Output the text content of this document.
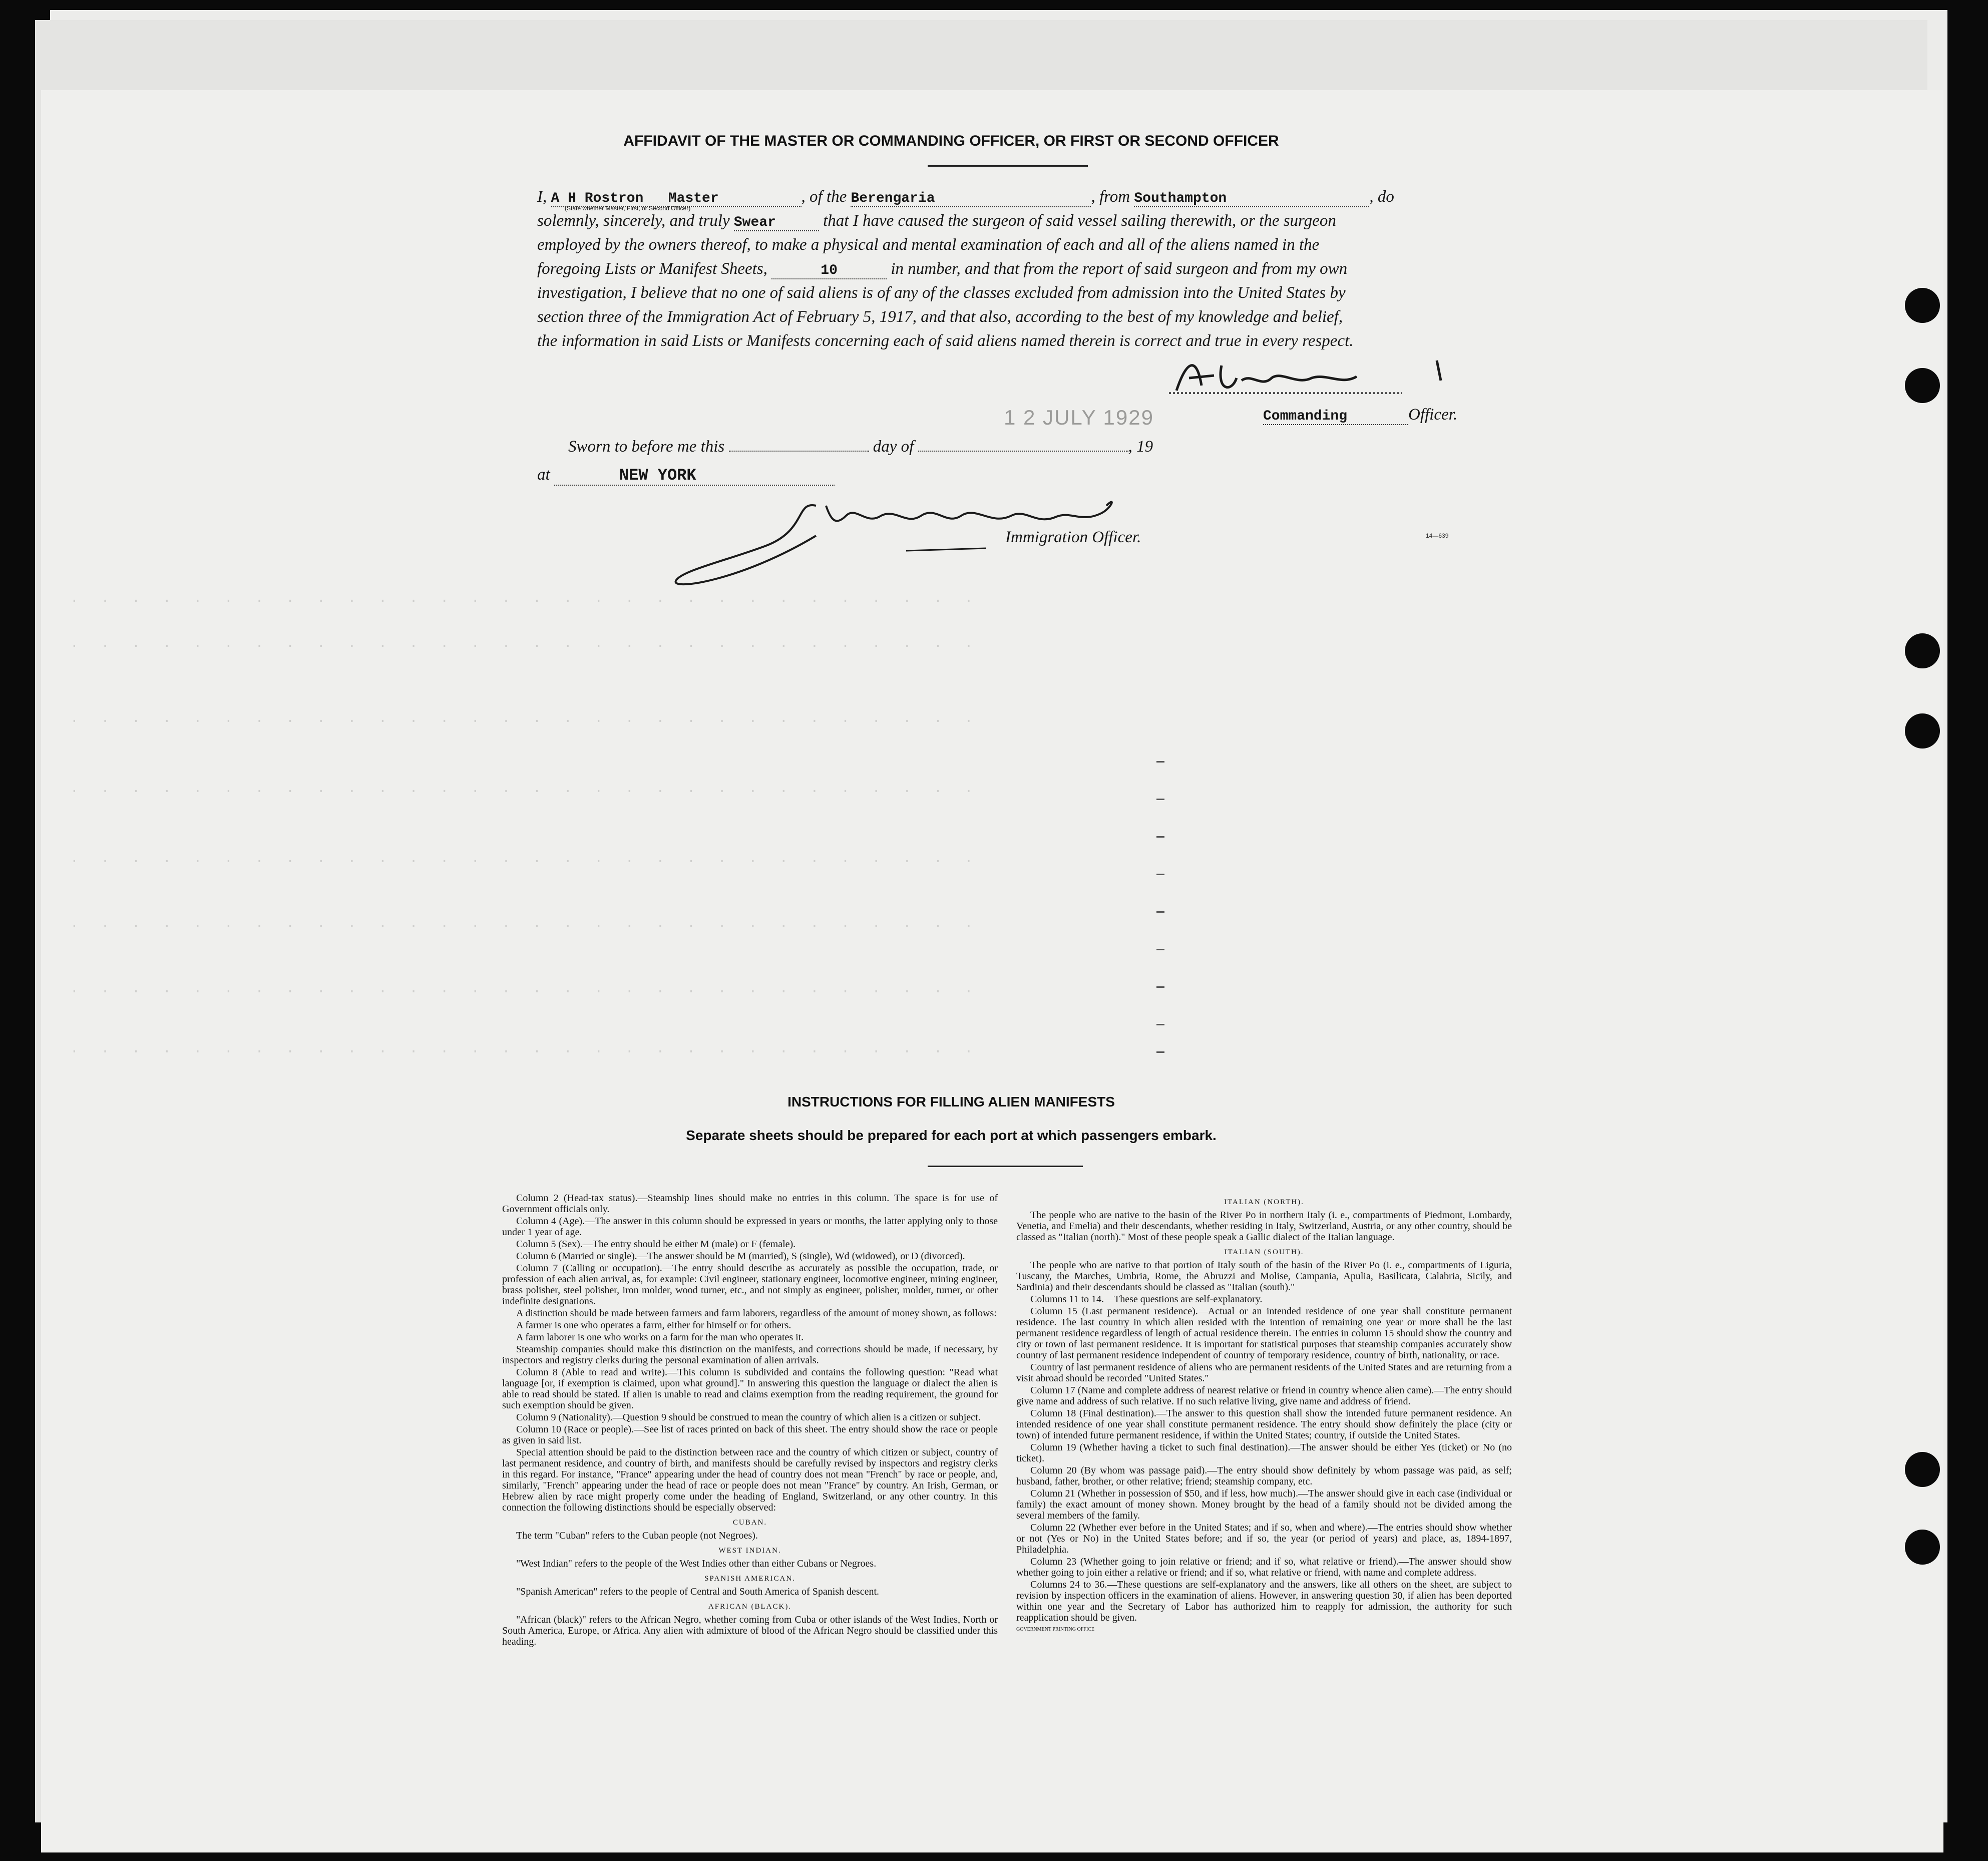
. . . . . . . . . . . . . . . . . . . . . . . . . . . . . .
. . . . . . . . . . . . . . . . . . . . . . . . . . . . . .
. . . . . . . . . . . . . . . . . . . . . . . . . . . . . .
. . . . . . . . . . . . . . . . . . . . . . . . . . . . . .
. . . . . . . . . . . . . . . . . . . . . . . . . . . . . .
. . . . . . . . . . . . . . . . . . . . . . . . . . . . . .
. . . . . . . . . . . . . . . . . . . . . . . . . . . . . .
. . . . . . . . . . . . . . . . . . . . . . . . . . . . . .
AFFIDAVIT OF THE MASTER OR COMMANDING OFFICER, OR FIRST OR SECOND OFFICER
I, A H Rostron Master	, of the Berengaria	, from Southampton	, do
(State whether Master, First, or Second Officer)
solemnly, sincerely, and truly Swear	that I have caused the surgeon of said vessel sailing therewith, or the surgeon
employed by the owners thereof, to make a physical and mental examination of each and all of the aliens named in the
foregoing Lists or Manifest Sheets,	10	in number, and that from the report of said surgeon and from my own
investigation, I believe that no one of said aliens is of any of the classes excluded from admission into the United States by
section three of the Immigration Act of February 5, 1917, and that also, according to the best of my knowledge and belief,
the information in said Lists or Manifests concerning each of said aliens named therein is correct and true in every respect.
1 2 JULY 1929	Commanding	Officer.
Sworn to before me this	day of	, 19
at	NEW YORK
Immigration Officer.	14—639
INSTRUCTIONS FOR FILLING ALIEN MANIFESTS
Separate sheets should be prepared for each port at which passengers embark.

Column 2 (Head-tax status).—Steamship lines should make no entries in this column. The space is for use of Government officials only.

Column 4 (Age).—The answer in this column should be expressed in years or months, the latter applying only to those under 1 year of age.

Column 5 (Sex).—The entry should be either M (male) or F (female).

Column 6 (Married or single).—The answer should be M (married), S (single), Wd (widowed), or D (divorced).

Column 7 (Calling or occupation).—The entry should describe as accurately as possible the occupation, trade, or profession of each alien arrival, as, for example: Civil engineer, stationary engineer, locomotive engineer, mining engineer, brass polisher, steel polisher, iron molder, wood turner, etc., and not simply as engineer, polisher, molder, turner, or other indefinite designations.

A distinction should be made between farmers and farm laborers, regardless of the amount of money shown, as follows:

A farmer is one who operates a farm, either for himself or for others.

A farm laborer is one who works on a farm for the man who operates it.

Steamship companies should make this distinction on the manifests, and corrections should be made, if necessary, by inspectors and registry clerks during the personal examination of alien arrivals.

Column 8 (Able to read and write).—This column is subdivided and contains the following question: "Read what language [or, if exemption is claimed, upon what ground]." In answering this question the language or dialect the alien is able to read should be stated. If alien is unable to read and claims exemption from the reading requirement, the ground for such exemption should be given.

Column 9 (Nationality).—Question 9 should be construed to mean the country of which alien is a citizen or subject.

Column 10 (Race or people).—See list of races printed on back of this sheet. The entry should show the race or people as given in said list.

Special attention should be paid to the distinction between race and the country of which citizen or subject, country of last permanent residence, and country of birth, and manifests should be carefully revised by inspectors and registry clerks in this regard. For instance, "France" appearing under the head of country does not mean "French" by race or people, and, similarly, "French" appearing under the head of race or people does not mean "France" by country. An Irish, German, or Hebrew alien by race might properly come under the heading of England, Switzerland, or any other country. In this connection the following distinctions should be especially observed:

CUBAN.

The term "Cuban" refers to the Cuban people (not Negroes).

WEST INDIAN.

"West Indian" refers to the people of the West Indies other than either Cubans or Negroes.

SPANISH AMERICAN.

"Spanish American" refers to the people of Central and South America of Spanish descent.

AFRICAN (BLACK).

"African (black)" refers to the African Negro, whether coming from Cuba or other islands of the West Indies, North or South America, Europe, or Africa. Any alien with admixture of blood of the African Negro should be classified under this heading.

ITALIAN (NORTH).

The people who are native to the basin of the River Po in northern Italy (i. e., compartments of Piedmont, Lombardy, Venetia, and Emelia) and their descendants, whether residing in Italy, Switzerland, Austria, or any other country, should be classed as "Italian (north)." Most of these people speak a Gallic dialect of the Italian language.

ITALIAN (SOUTH).

The people who are native to that portion of Italy south of the basin of the River Po (i. e., compartments of Liguria, Tuscany, the Marches, Umbria, Rome, the Abruzzi and Molise, Campania, Apulia, Basilicata, Calabria, Sicily, and Sardinia) and their descendants should be classed as "Italian (south)."

Columns 11 to 14.—These questions are self-explanatory.

Column 15 (Last permanent residence).—Actual or an intended residence of one year shall constitute permanent residence. The last country in which alien resided with the intention of remaining one year or more shall be the last permanent residence regardless of length of actual residence therein. The entries in column 15 should show the country and city or town of last permanent residence. It is important for statistical purposes that steamship companies accurately show country of last permanent residence independent of country of temporary residence, country of birth, nationality, or race.

Country of last permanent residence of aliens who are permanent residents of the United States and are returning from a visit abroad should be recorded "United States."

Column 17 (Name and complete address of nearest relative or friend in country whence alien came).—The entry should give name and address of such relative. If no such relative living, give name and address of friend.

Column 18 (Final destination).—The answer to this question shall show the intended future permanent residence. An intended residence of one year shall constitute permanent residence. The entry should show definitely the place (city or town) of intended future permanent residence, if within the United States; country, if outside the United States.

Column 19 (Whether having a ticket to such final destination).—The answer should be either Yes (ticket) or No (no ticket).

Column 20 (By whom was passage paid).—The entry should show definitely by whom passage was paid, as self; husband, father, brother, or other relative; friend; steamship company, etc.

Column 21 (Whether in possession of $50, and if less, how much).—The answer should give in each case (individual or family) the exact amount of money shown. Money brought by the head of a family should not be divided among the several members of the family.

Column 22 (Whether ever before in the United States; and if so, when and where).—The entries should show whether or not (Yes or No) in the United States before; and if so, the year (or period of years) and place, as, 1894-1897, Philadelphia.

Column 23 (Whether going to join relative or friend; and if so, what relative or friend).—The answer should show whether going to join either a relative or friend; and if so, what relative or friend, with name and complete address.

Columns 24 to 36.—These questions are self-explanatory and the answers, like all others on the sheet, are subject to revision by inspection officers in the examination of aliens. However, in answering question 30, if alien has been deported within one year and the Secretary of Labor has authorized him to reapply for admission, the authority for such reapplication should be given.

GOVERNMENT PRINTING OFFICE
